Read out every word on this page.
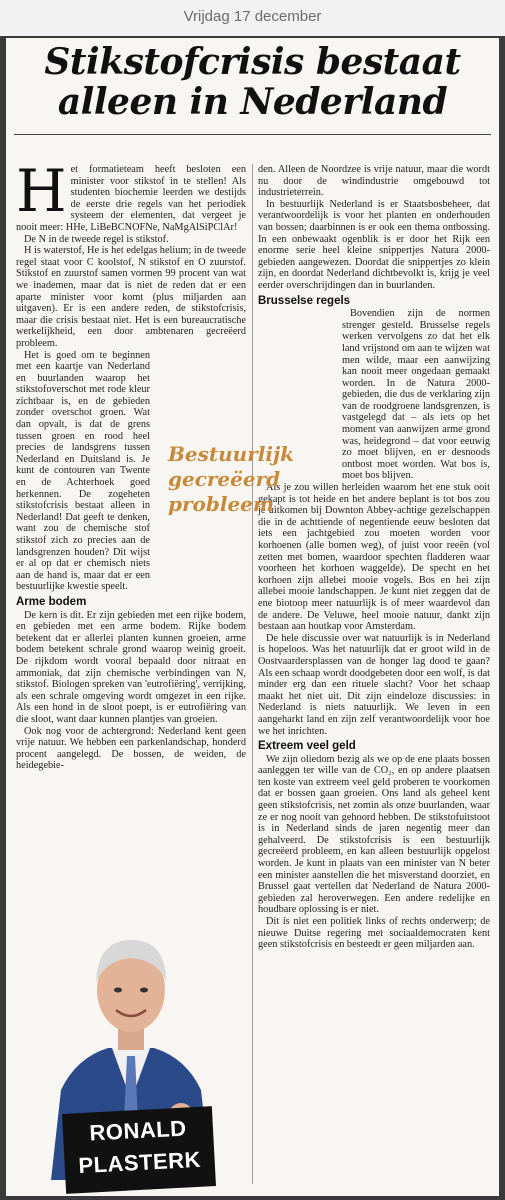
Vrijdag 17 december
Stikstofcrisis bestaat
alleen in Nederland

Het formatieteam heeft besloten een minister voor stikstof in te stellen! Als studenten biochemie leerden we destijds de eerste drie regels van het periodiek systeem der elementen, dat vergeet je nooit meer: HHe, LiBeBCNOFNe, NaMgAlSiPClAr!

De N in de tweede regel is stikstof.

H is waterstof, He is het edelgas helium; in de tweede regel staat voor C koolstof, N stikstof en O zuurstof. Stikstof en zuurstof samen vormen 99 procent van wat we inademen, maar dat is niet de reden dat er een aparte minister voor komt (plus miljarden aan uitgaven). Er is een andere reden, de stikstofcrisis, maar die crisis bestaat niet. Het is een bureaucratische werkelijkheid, een door ambtenaren gecreëerd probleem.

Het is goed om te beginnen met een kaartje van Nederland en buurlanden waarop het stikstofoverschot met rode kleur zichtbaar is, en de gebieden zonder overschot groen. Wat dan opvalt, is dat de grens tussen groen en rood heel precies de landsgrens tussen Nederland en Duitsland is. Je kunt de contouren van Twente en de Achterhoek goed herkennen. De zogeheten stikstofcrisis bestaat alleen in Nederland! Dat geeft te denken, want zou de chemische stof stikstof zich zo precies aan de landsgrenzen houden? Dit wijst er al op dat er chemisch niets aan de hand is, maar dat er een bestuurlijke kwestie speelt.

Arme bodem

De kern is dit. Er zijn gebieden met een rijke bodem, en gebieden met een arme bodem. Rijke bodem betekent dat er allerlei planten kunnen groeien, arme bodem betekent schrale grond waarop weinig groeit. De rijkdom wordt vooral bepaald door nitraat en ammoniak, dat zijn chemische verbindingen van N, stikstof. Biologen spreken van 'eutrofiëring', verrijking, als een schrale omgeving wordt omgezet in een rijke. Als een hond in de sloot poept, is er eutrofiëring van die sloot, want daar kunnen plantjes van groeien.

Ook nog voor de achtergrond: Nederland kent geen vrije natuur. We hebben een parkenlandschap, honderd procent aangelegd. De bossen, de weiden, de heidegebie-

den. Alleen de Noordzee is vrije natuur, maar die wordt nu door de windindustrie omgebouwd tot industrieterrein.

In bestuurlijk Nederland is er Staatsbosbeheer, dat verantwoordelijk is voor het planten en onderhouden van bossen; daarbinnen is er ook een thema ontbossing. In een onbewaakt ogenblik is er door het Rijk een enorme serie heel kleine snippertjes Natura 2000-gebieden aangewezen. Doordat die snippertjes zo klein zijn, en doordat Nederland dichtbevolkt is, krijg je veel eerder overschrijdingen dan in buurlanden.

Brusselse regels

Bovendien zijn de normen strenger gesteld. Brusselse regels werken vervolgens zo dat het elk land vrijstond om aan te wijzen wat men wilde, maar een aanwijzing kan nooit meer ongedaan gemaakt worden. In de Natura 2000-gebieden, die dus de verklaring zijn van de roodgroene landsgrenzen, is vastgelegd dat – als iets op het moment van aanwijzen arme grond was, heidegrond – dat voor eeuwig zo moet blijven, en er desnoods ontbost moet worden. Wat bos is, moet bos blijven.

Als je zou willen herleiden waarom het ene stuk ooit gekapt is tot heide en het andere beplant is tot bos zou je uitkomen bij Downton Abbey-achtige gezelschappen die in de achttiende of negentiende eeuw besloten dat iets een jachtgebied zou moeten worden voor korhoenen (alle bomen weg), of juist voor reeën (vol zetten met bomen, waardoor spechten fladderen waar voorheen het korhoen waggelde). De specht en het korhoen zijn allebei mooie vogels. Bos en hei zijn allebei mooie landschappen. Je kunt niet zeggen dat de ene biotoop meer natuurlijk is of meer waardevol dan de andere. De Veluwe, heel mooie natuur, dankt zijn bestaan aan houtkap voor Amsterdam.

De hele discussie over wat natuurlijk is in Nederland is hopeloos. Was het natuurlijk dat er groot wild in de Oostvaardersplassen van de honger lag dood te gaan? Als een schaap wordt doodgebeten door een wolf, is dat minder erg dan een rituele slacht? Voor het schaap maakt het niet uit. Dit zijn eindeloze discussies: in Nederland is niets natuurlijk. We leven in een aangeharkt land en zijn zelf verantwoordelijk voor hoe we het inrichten.

Extreem veel geld

We zijn oliedom bezig als we op de ene plaats bossen aanleggen ter wille van de CO₂, en op andere plaatsen ten koste van extreem veel geld proberen te voorkomen dat er bossen gaan groeien. Ons land als geheel kent geen stikstofcrisis, net zomin als onze buurlanden, waar ze er nog nooit van gehoord hebben. De stikstofuitstoot is in Nederland sinds de jaren negentig meer dan gehalveerd. De stikstofcrisis is een bestuurlijk gecreëerd probleem, en kan alleen bestuurlijk opgelost worden. Je kunt in plaats van een minister van N beter een minister aanstellen die het misverstand doorziet, en Brussel gaat vertellen dat Nederland de Natura 2000-gebieden zal heroverwegen. Een andere redelijke en houdbare oplossing is er niet.

Dit is niet een politiek links of rechts onderwerp; de nieuwe Duitse regering met sociaaldemocraten kent geen stikstofcrisis en besteedt er geen miljarden aan.

Bestuurlijk gecreëerd probleem
RONALD
PLASTERK
